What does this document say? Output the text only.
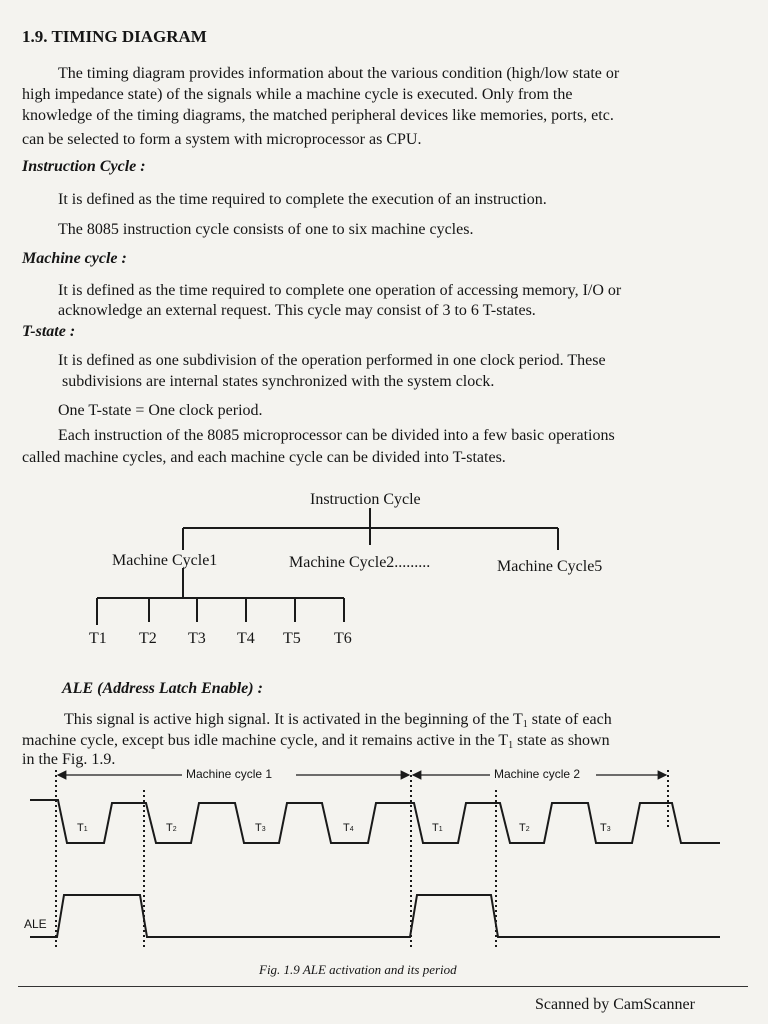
1.9. TIMING DIAGRAM
The timing diagram provides information about the various condition (high/low state or
high impedance state) of the signals while a machine cycle is executed. Only from the
knowledge of the timing diagrams, the matched peripheral devices like memories, ports, etc.
can be selected to form a system with microprocessor as CPU.
Instruction Cycle :
It is defined as the time required to complete the execution of an instruction.
The 8085 instruction cycle consists of one to six machine cycles.
Machine cycle :
It is defined as the time required to complete one operation of accessing memory, I/O or
acknowledge an external request. This cycle may consist of 3 to 6 T-states.
T-state :
It is defined as one subdivision of the operation performed in one clock period. These
subdivisions are internal states synchronized with the system clock.
One T-state = One clock period.
Each instruction of the 8085 microprocessor can be divided into a few basic operations
called machine cycles, and each machine cycle can be divided into T-states.
Instruction Cycle
Machine Cycle1	Machine Cycle2.........	Machine Cycle5
T1 T2 T3 T4 T5 T6
ALE (Address Latch Enable) :
This signal is active high signal. It is activated in the beginning of the $T_1$ state of each
machine cycle, except bus idle machine cycle, and it remains active in the $T_1$ state as shown
in the Fig. 1.9.
Machine cycle 1	Machine cycle 2
T1	T2	T3	T4	T1	T2	T3
ALE
Fig. 1.9 ALE activation and its period
Scanned by CamScanner
